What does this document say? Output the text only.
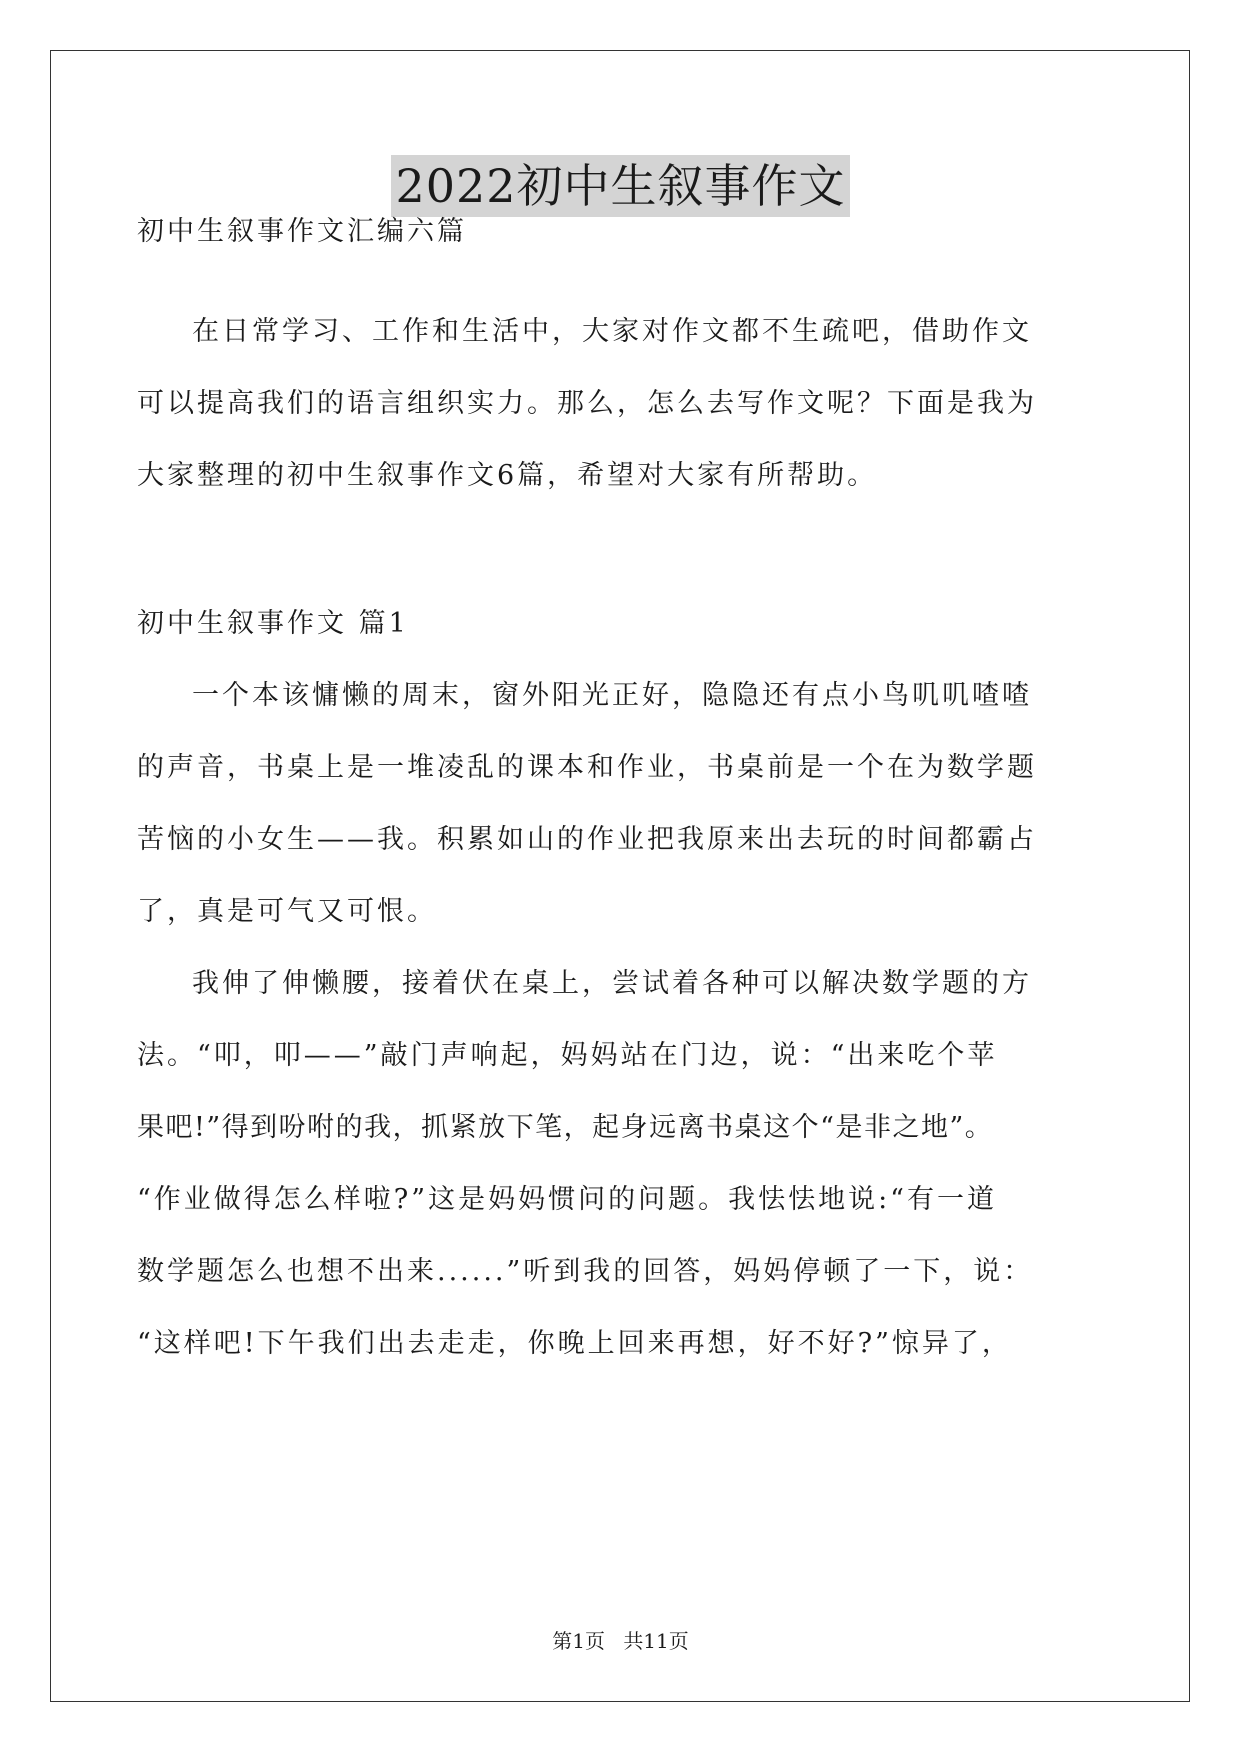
2022初中生叙事作文
初中生叙事作文汇编六篇
在日常学习、工作和生活中，大家对作文都不生疏吧，借助作文
可以提高我们的语言组织实力。那么，怎么去写作文呢？下面是我为
大家整理的初中生叙事作文6篇，希望对大家有所帮助。
初中生叙事作文 篇1
一个本该慵懒的周末，窗外阳光正好，隐隐还有点小鸟叽叽喳喳
的声音，书桌上是一堆凌乱的课本和作业，书桌前是一个在为数学题
苦恼的小女生——我。积累如山的作业把我原来出去玩的时间都霸占
了，真是可气又可恨。
我伸了伸懒腰，接着伏在桌上，尝试着各种可以解决数学题的方
法。“叩，叩——”敲门声响起，妈妈站在门边，说：“出来吃个苹
果吧!”得到吩咐的我，抓紧放下笔，起身远离书桌这个“是非之地”。
“作业做得怎么样啦?”这是妈妈惯问的问题。我怯怯地说:“有一道
数学题怎么也想不出来......”听到我的回答，妈妈停顿了一下，说：
“这样吧!下午我们出去走走，你晚上回来再想，好不好?”惊异了，
第1页 共11页
